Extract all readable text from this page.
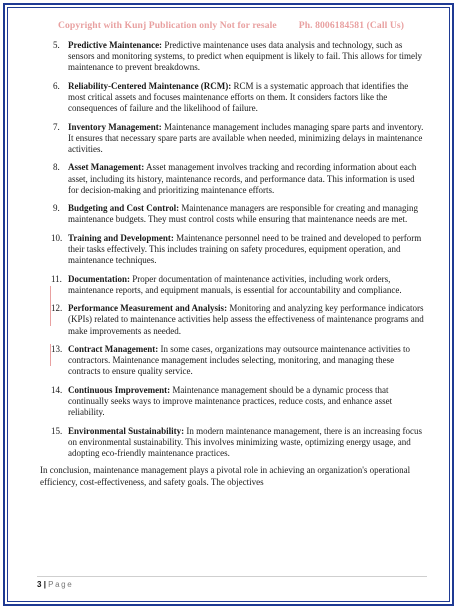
Copyright with Kunj Publication only Not for resale Ph. 8006184581 (Call Us)
5. Predictive Maintenance: Predictive maintenance uses data analysis and technology, such as sensors and monitoring systems, to predict when equipment is likely to fail. This allows for timely maintenance to prevent breakdowns.
6. Reliability-Centered Maintenance (RCM): RCM is a systematic approach that identifies the most critical assets and focuses maintenance efforts on them. It considers factors like the consequences of failure and the likelihood of failure.
7. Inventory Management: Maintenance management includes managing spare parts and inventory. It ensures that necessary spare parts are available when needed, minimizing delays in maintenance activities.
8. Asset Management: Asset management involves tracking and recording information about each asset, including its history, maintenance records, and performance data. This information is used for decision-making and prioritizing maintenance efforts.
9. Budgeting and Cost Control: Maintenance managers are responsible for creating and managing maintenance budgets. They must control costs while ensuring that maintenance needs are met.
10. Training and Development: Maintenance personnel need to be trained and developed to perform their tasks effectively. This includes training on safety procedures, equipment operation, and maintenance techniques.
11. Documentation: Proper documentation of maintenance activities, including work orders, maintenance reports, and equipment manuals, is essential for accountability and compliance.
12. Performance Measurement and Analysis: Monitoring and analyzing key performance indicators (KPIs) related to maintenance activities help assess the effectiveness of maintenance programs and make improvements as needed.
13. Contract Management: In some cases, organizations may outsource maintenance activities to contractors. Maintenance management includes selecting, monitoring, and managing these contracts to ensure quality service.
14. Continuous Improvement: Maintenance management should be a dynamic process that continually seeks ways to improve maintenance practices, reduce costs, and enhance asset reliability.
15. Environmental Sustainability: In modern maintenance management, there is an increasing focus on environmental sustainability. This involves minimizing waste, optimizing energy usage, and adopting eco-friendly maintenance practices.

In conclusion, maintenance management plays a pivotal role in achieving an organization's operational efficiency, cost-effectiveness, and safety goals. The objectives

3 | Page
